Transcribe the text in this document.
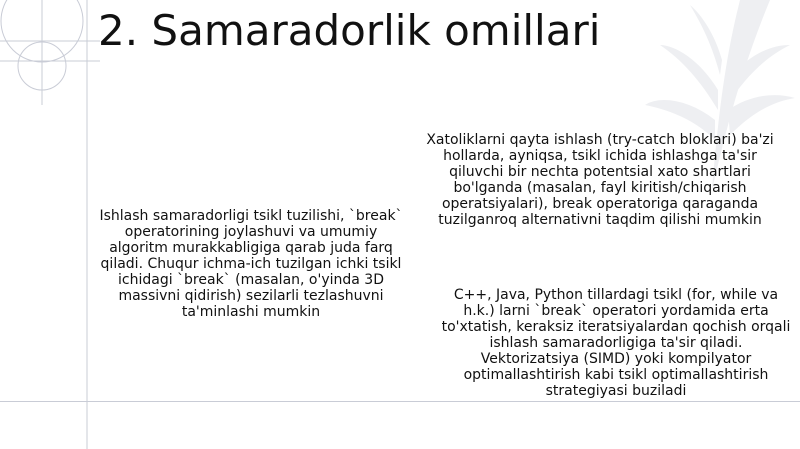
2. Samaradorlik omillari
Ishlash samaradorligi tsikl tuzilishi, `break` operatorining joylashuvi va umumiy algoritm murakkabligiga qarab juda farq qiladi. Chuqur ichma-ich tuzilgan ichki tsikl ichidagi `break` (masalan, o'yinda 3D massivni qidirish) sezilarli tezlashuvni ta'minlashi mumkin
Xatoliklarni qayta ishlash (try-catch bloklari) ba'zi hollarda, ayniqsa, tsikl ichida ishlashga ta'sir qiluvchi bir nechta potentsial xato shartlari bo'lganda (masalan, fayl kiritish/chiqarish operatsiyalari), break operatoriga qaraganda tuzilganroq alternativni taqdim qilishi mumkin
C++, Java, Python tillardagi tsikl (for, while va h.k.) larni `break` operatori yordamida erta to'xtatish, keraksiz iteratsiyalardan qochish orqali ishlash samaradorligiga ta'sir qiladi. Vektorizatsiya (SIMD) yoki kompilyator optimallashtirish kabi tsikl optimallashtirish strategiyasi buziladi
